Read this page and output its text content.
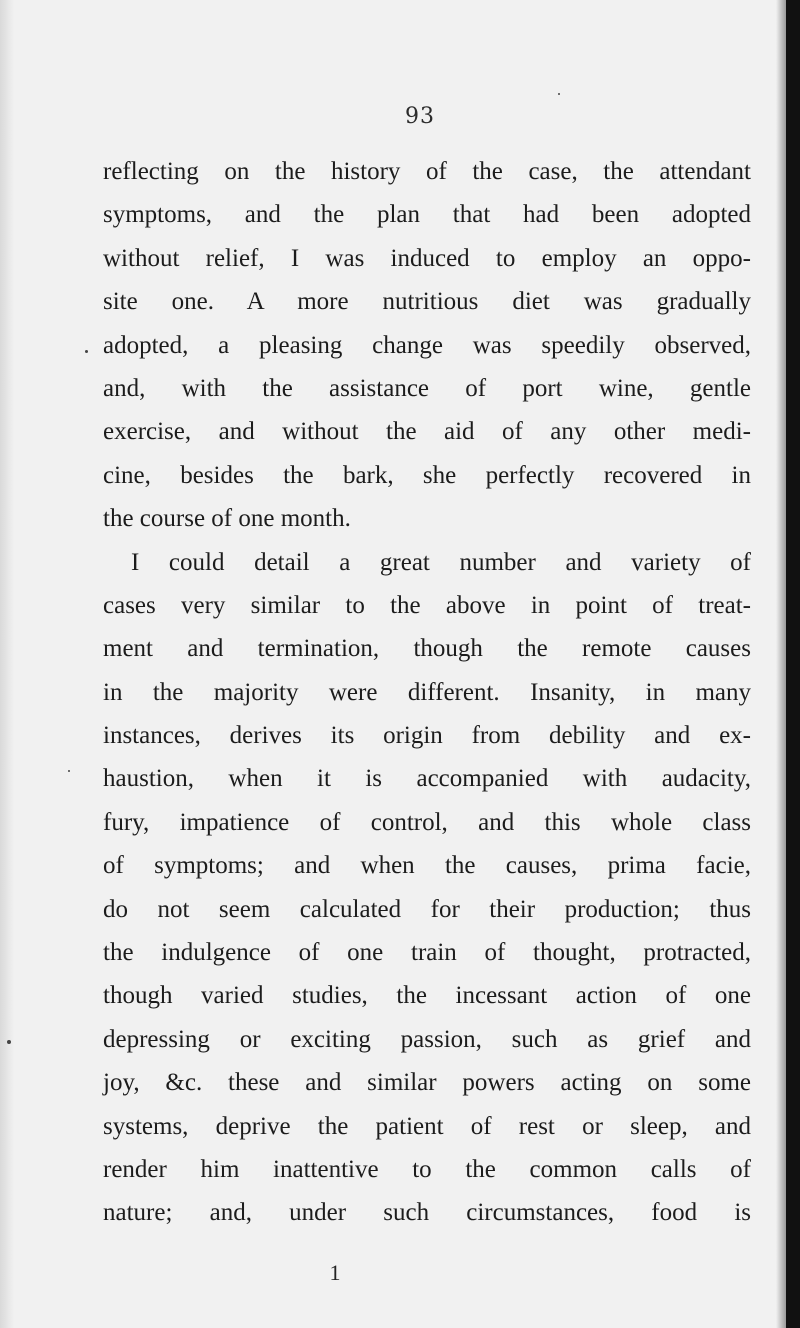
93
reflecting on the history of the case, the attendant
symptoms, and the plan that had been adopted
without relief, I was induced to employ an oppo-
site one. A more nutritious diet was gradually
adopted, a pleasing change was speedily observed,
and, with the assistance of port wine, gentle
exercise, and without the aid of any other medi-
cine, besides the bark, she perfectly recovered in
the course of one month.
I could detail a great number and variety of
cases very similar to the above in point of treat-
ment and termination, though the remote causes
in the majority were different. Insanity, in many
instances, derives its origin from debility and ex-
haustion, when it is accompanied with audacity,
fury, impatience of control, and this whole class
of symptoms; and when the causes, prima facie,
do not seem calculated for their production; thus
the indulgence of one train of thought, protracted,
though varied studies, the incessant action of one
depressing or exciting passion, such as grief and
joy, &c. these and similar powers acting on some
systems, deprive the patient of rest or sleep, and
render him inattentive to the common calls of
nature; and, under such circumstances, food is
1
